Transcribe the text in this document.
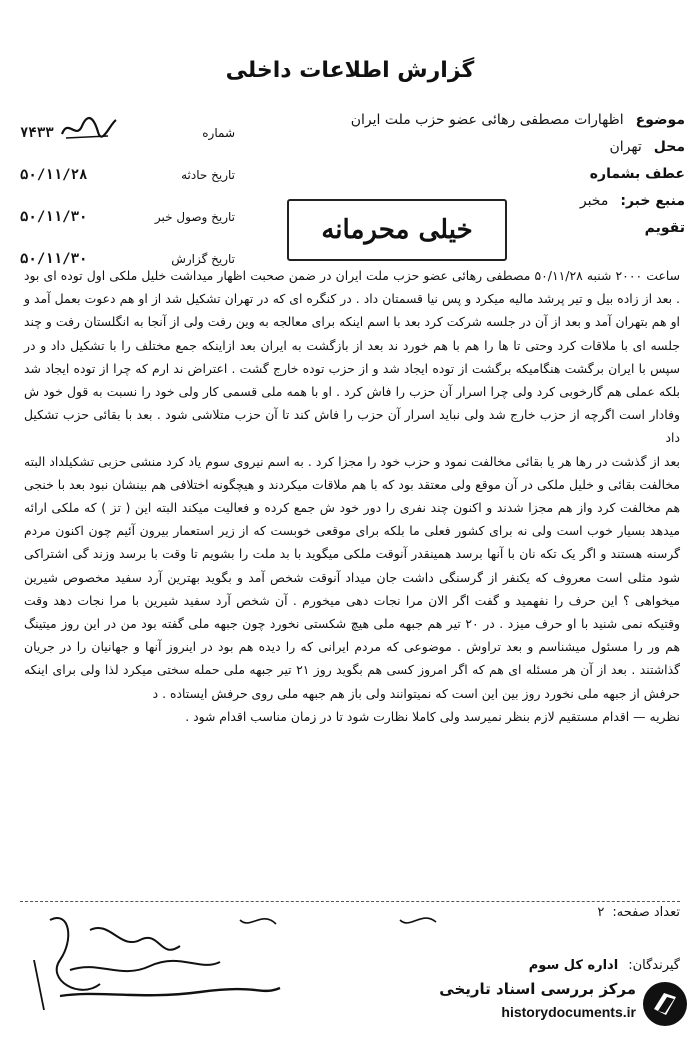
گزارش اطلاعات داخلی
موضوع
اظهارات مصطفی رهائی عضو حزب ملت ایران
محل
تهران
عطف بشماره
منبع خبر:
مخبر
تقویم
شماره
۷۴۳۳
تاریخ حادثه
۵۰/۱۱/۲۸
تاریخ وصول خبر
۵۰/۱۱/۳۰
تاریخ گزارش
۵۰/۱۱/۳۰
خیلی محرمانه

ساعت ۲۰۰۰ شنبه ۵۰/۱۱/۲۸ مصطفی رهائی عضو حزب ملت ایران در ضمن صحبت اظهار میداشت خلیل ملکی اول توده ای بود . بعد از زاده بیل و تیر پرشد مالیه میکرد و پس نیا قسمتان داد . در کنگره ای که در تهران تشکیل شد از او هم دعوت بعمل آمد و او هم بتهران آمد و بعد از آن در جلسه شرکت کرد بعد با اسم اینکه برای معالجه به وین رفت ولی از آنجا به انگلستان رفت و چند جلسه ای با ملاقات کرد وحتی تا ها را هم با هم خورد ند بعد از بازگشت به ایران بعد ازاینکه جمع مختلف را با تشکیل داد و در سپس با ایران برگشت هنگامیکه برگشت از توده ایجاد شد و از حزب توده خارج گشت . اعتراض ند ارم که چرا از توده ایجاد شد بلکه عملی هم گارخوبی کرد ولی چرا اسرار آن حزب را فاش کرد . او با همه ملی قسمی کار ولی خود را نسبت به قول خود ش وفادار است اگرچه از حزب خارج شد ولی نباید اسرار آن حزب را فاش کند تا آن حزب متلاشی شود . بعد با بقائی حزب تشکیل داد

بعد از گذشت در رها هر یا بقائی مخالفت نمود و حزب خود را مجزا کرد . به اسم نیروی سوم یاد کرد منشی حزبی تشکیلداد البته مخالفت بقائی و خلیل ملکی در آن موقع ولی معتقد بود که با هم ملاقات میکردند و هیچگونه اختلافی هم بینشان نبود بعد با خنجی هم مخالفت کرد واز هم مجزا شدند و اکنون چند نفری را دور خود ش جمع کرده و فعالیت میکند البته این ( تز ) که ملکی ارائه میدهد بسیار خوب است ولی نه برای کشور فعلی ما بلکه برای موقعی خوبست که از زیر استعمار بیرون آئیم چون اکنون مردم گرسنه هستند و اگر یک تکه نان با آنها برسد همینقدر آنوقت ملکی میگوید با بد ملت را بشویم تا وقت با برسد وزند گی اشتراکی شود مثلی است معروف که یکنفر از گرسنگی داشت جان میداد آنوقت شخص آمد و بگوید بهترین آرد سفید مخصوص شیرین میخواهی ؟ این حرف را نفهمید و گفت اگر الان مرا نجات دهی میخورم . آن شخص آرد سفید شیرین با مرا نجات دهد وقت وقتیکه نمی شنید با او حرف میزد . در ۲۰ تیر هم جبهه ملی هیچ شکستی نخورد چون جبهه ملی گفته بود من در این روز میتینگ هم ور را مسئول میشناسم و بعد تراوش . موضوعی که مردم ایرانی که را دیده هم بود در اینروز آنها و جهانیان را در جریان گذاشتند . بعد از آن هر مسئله ای هم که اگر امروز کسی هم بگوید روز ۲۱ تیر جبهه ملی حمله سختی میکرد لذا ولی برای اینکه حرفش از جبهه ملی نخورد روز بین این است که نمیتوانند ولی باز هم جبهه ملی روی حرفش ایستاده . د

نظریه — اقدام مستقیم لازم بنظر نمیرسد ولی کاملا نظارت شود تا در زمان مناسب اقدام شود .

تعداد صفحه:
۲
گیرندگان:
اداره کل سوم
مرکز بررسی اسناد تاریخی
historydocuments.ir
